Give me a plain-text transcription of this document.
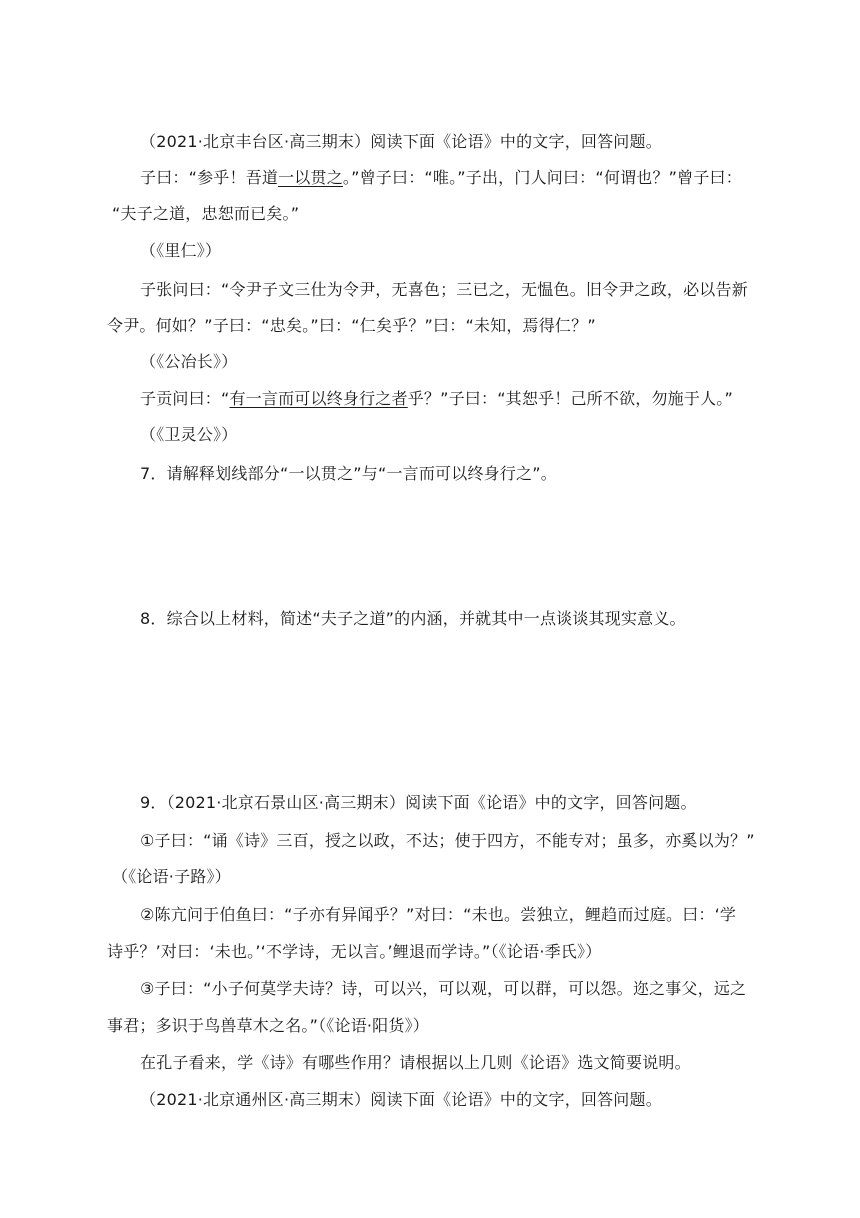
（2021·北京丰台区·高三期末）阅读下面《论语》中的文字，回答问题。
子曰：“参乎！吾道一以贯之。”曾子曰：“唯。”子出，门人问曰：“何谓也？”曾子曰：
“夫子之道，忠恕而已矣。”
（《里仁》）
子张问曰：“令尹子文三仕为令尹，无喜色；三已之，无愠色。旧令尹之政，必以告新
令尹。何如？”子曰：“忠矣。”曰：“仁矣乎？”曰：“未知，焉得仁？”
（《公冶长》）
子贡问曰：“有一言而可以终身行之者乎？”子曰：“其恕乎！己所不欲，勿施于人。”
（《卫灵公》）
7．请解释划线部分“一以贯之”与“一言而可以终身行之”。
8．综合以上材料，简述“夫子之道”的内涵，并就其中一点谈谈其现实意义。
9．（2021·北京石景山区·高三期末）阅读下面《论语》中的文字，回答问题。
①子曰：“诵《诗》三百，授之以政，不达；使于四方，不能专对；虽多，亦奚以为？”
（《论语·子路》）
②陈亢问于伯鱼曰：“子亦有异闻乎？”对曰：“未也。尝独立，鲤趋而过庭。曰：‘学
诗乎？’对曰：‘未也。’‘不学诗，无以言。’鲤退而学诗。”（《论语·季氏》）
③子曰：“小子何莫学夫诗？诗，可以兴，可以观，可以群，可以怨。迩之事父，远之
事君；多识于鸟兽草木之名。”（《论语·阳货》）
在孔子看来，学《诗》有哪些作用？请根据以上几则《论语》选文简要说明。
（2021·北京通州区·高三期末）阅读下面《论语》中的文字，回答问题。
